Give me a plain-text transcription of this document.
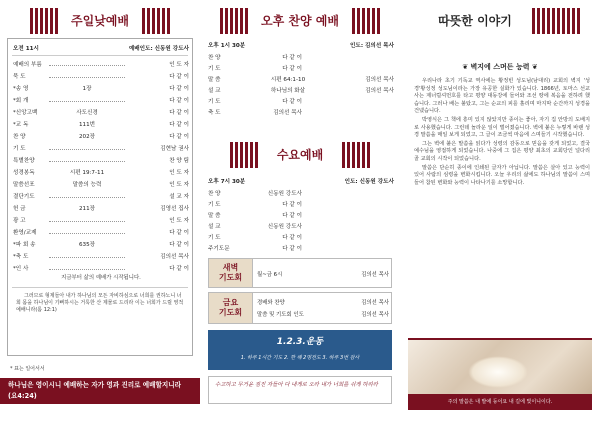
주일낮예배
오전 11시	예배인도: 신동원 강도사
예배의 부름	인 도 자
묵 도	다 같 이
*송 영	1장	다 같 이
*회 개	다 같 이
*신앙고백	사도신경	다 같 이
*교 독	111번	다 같 이
찬 양	202장	다 같 이
기 도	김현남 권사
특별찬양	찬 양 팀
성경봉독	시편 19:7-11	인 도 자
말씀선포	말씀의 능력	인 도 자
결단기도	설 교 자
헌 금	211장	김영선 집사
광 고	인 도 자
환영/교제	다 같 이
*파 회 송	635장	다 같 이
*축 도	김의선 목사
*인 사	다 같 이
지금부터 삶의 예배가 시작됩니다.
그러므로 형제들아 내가 하나님의 모든 자비하심으로 너희를 권하노니 너희 몸을 하나님이 기뻐하시는 거룩한 산 제물로 드리라 이는 너희가 드릴 영적 예배니라(롬 12:1)
* 표는 일어서서
하나님은 영이시니 예배하는 자가 영과 진리로 예배할지니라 (요4:24)
오후 찬양 예배
오후 1시 30분	인도: 김의선 목사
찬 양	다 같 이
기 도	다 같 이
말 씀	시편 64:1-10	김의선 목사
설 교	하나님의 화살	김의선 목사
기 도	다 같 이
축 도	김의선 목사
수요예배
오후 7시 30분	인도: 신동원 강도사
찬 양	신동원 강도사
기 도	다 같 이
말 씀	다 같 이
설 교	신동원 강도사
기 도	다 같 이
주기도문	다 같 이
새벽
기도회	월~금 6시	김의선 목사
금요
기도회
경배와 찬양	김의선 목사
말씀 및 기도회 인도	김의선 목사
1.2.3.운동
1. 하루 1시간 기도 2. 한 해 2명전도 3. 하루 3번 감사
수고하고 무거운 짐진 자들아 다 내게로 오라 내가 너희를 쉬게 하리라
따뜻한 이야기
❦ 벽지에 스며든 능력 ❦

우리나라 초기 기독교 역사에는 황정빈 성도님(남대리) 교회의 벽지 '성경'황성정 성도님이라는 가장 유공한 실화가 있습니다. 1866년, 토마스 선교사는 제너럴셔먼호를 타고 평양 대동강에 들어와 조선 땅에 복음을 전하려 했습니다. 그러나 배는 불탔고, 그는 순교의 피를 흘리며 마지막 순간까지 성경을 건넸습니다.

박영식은 그 책에 흥미 있지 않았지만 종이는 좋아, 자기 집 안방의 도배지로 사용했습니다. 그런데 놀라운 일이 벌어졌습니다. 벽에 붙은 누렇게 바랜 성경 말씀을 매일 보게 되었고, 그 글이 조금씩 마음에 스며들기 시작했습니다.

그는 벽에 붙은 말씀을 읽다가 성령의 감동으로 믿음을 갖게 되었고, 결국 예수님을 영접하게 되었습니다. 나중에 그 집은 평양 최초의 교회당인 널다리골 교회의 시작이 되었습니다.

말씀은 단순히 종이에 인쇄된 글자가 아닙니다. 말씀은 살아 있고 능력이 있어 사람의 심령을 변화시킵니다. 오늘 우리의 삶에도 하나님의 말씀이 스며들어 참된 변화와 능력이 나타나기를 소망합니다.

주의 말씀은 내 발에 등이요 내 길에 빛이니이다.
